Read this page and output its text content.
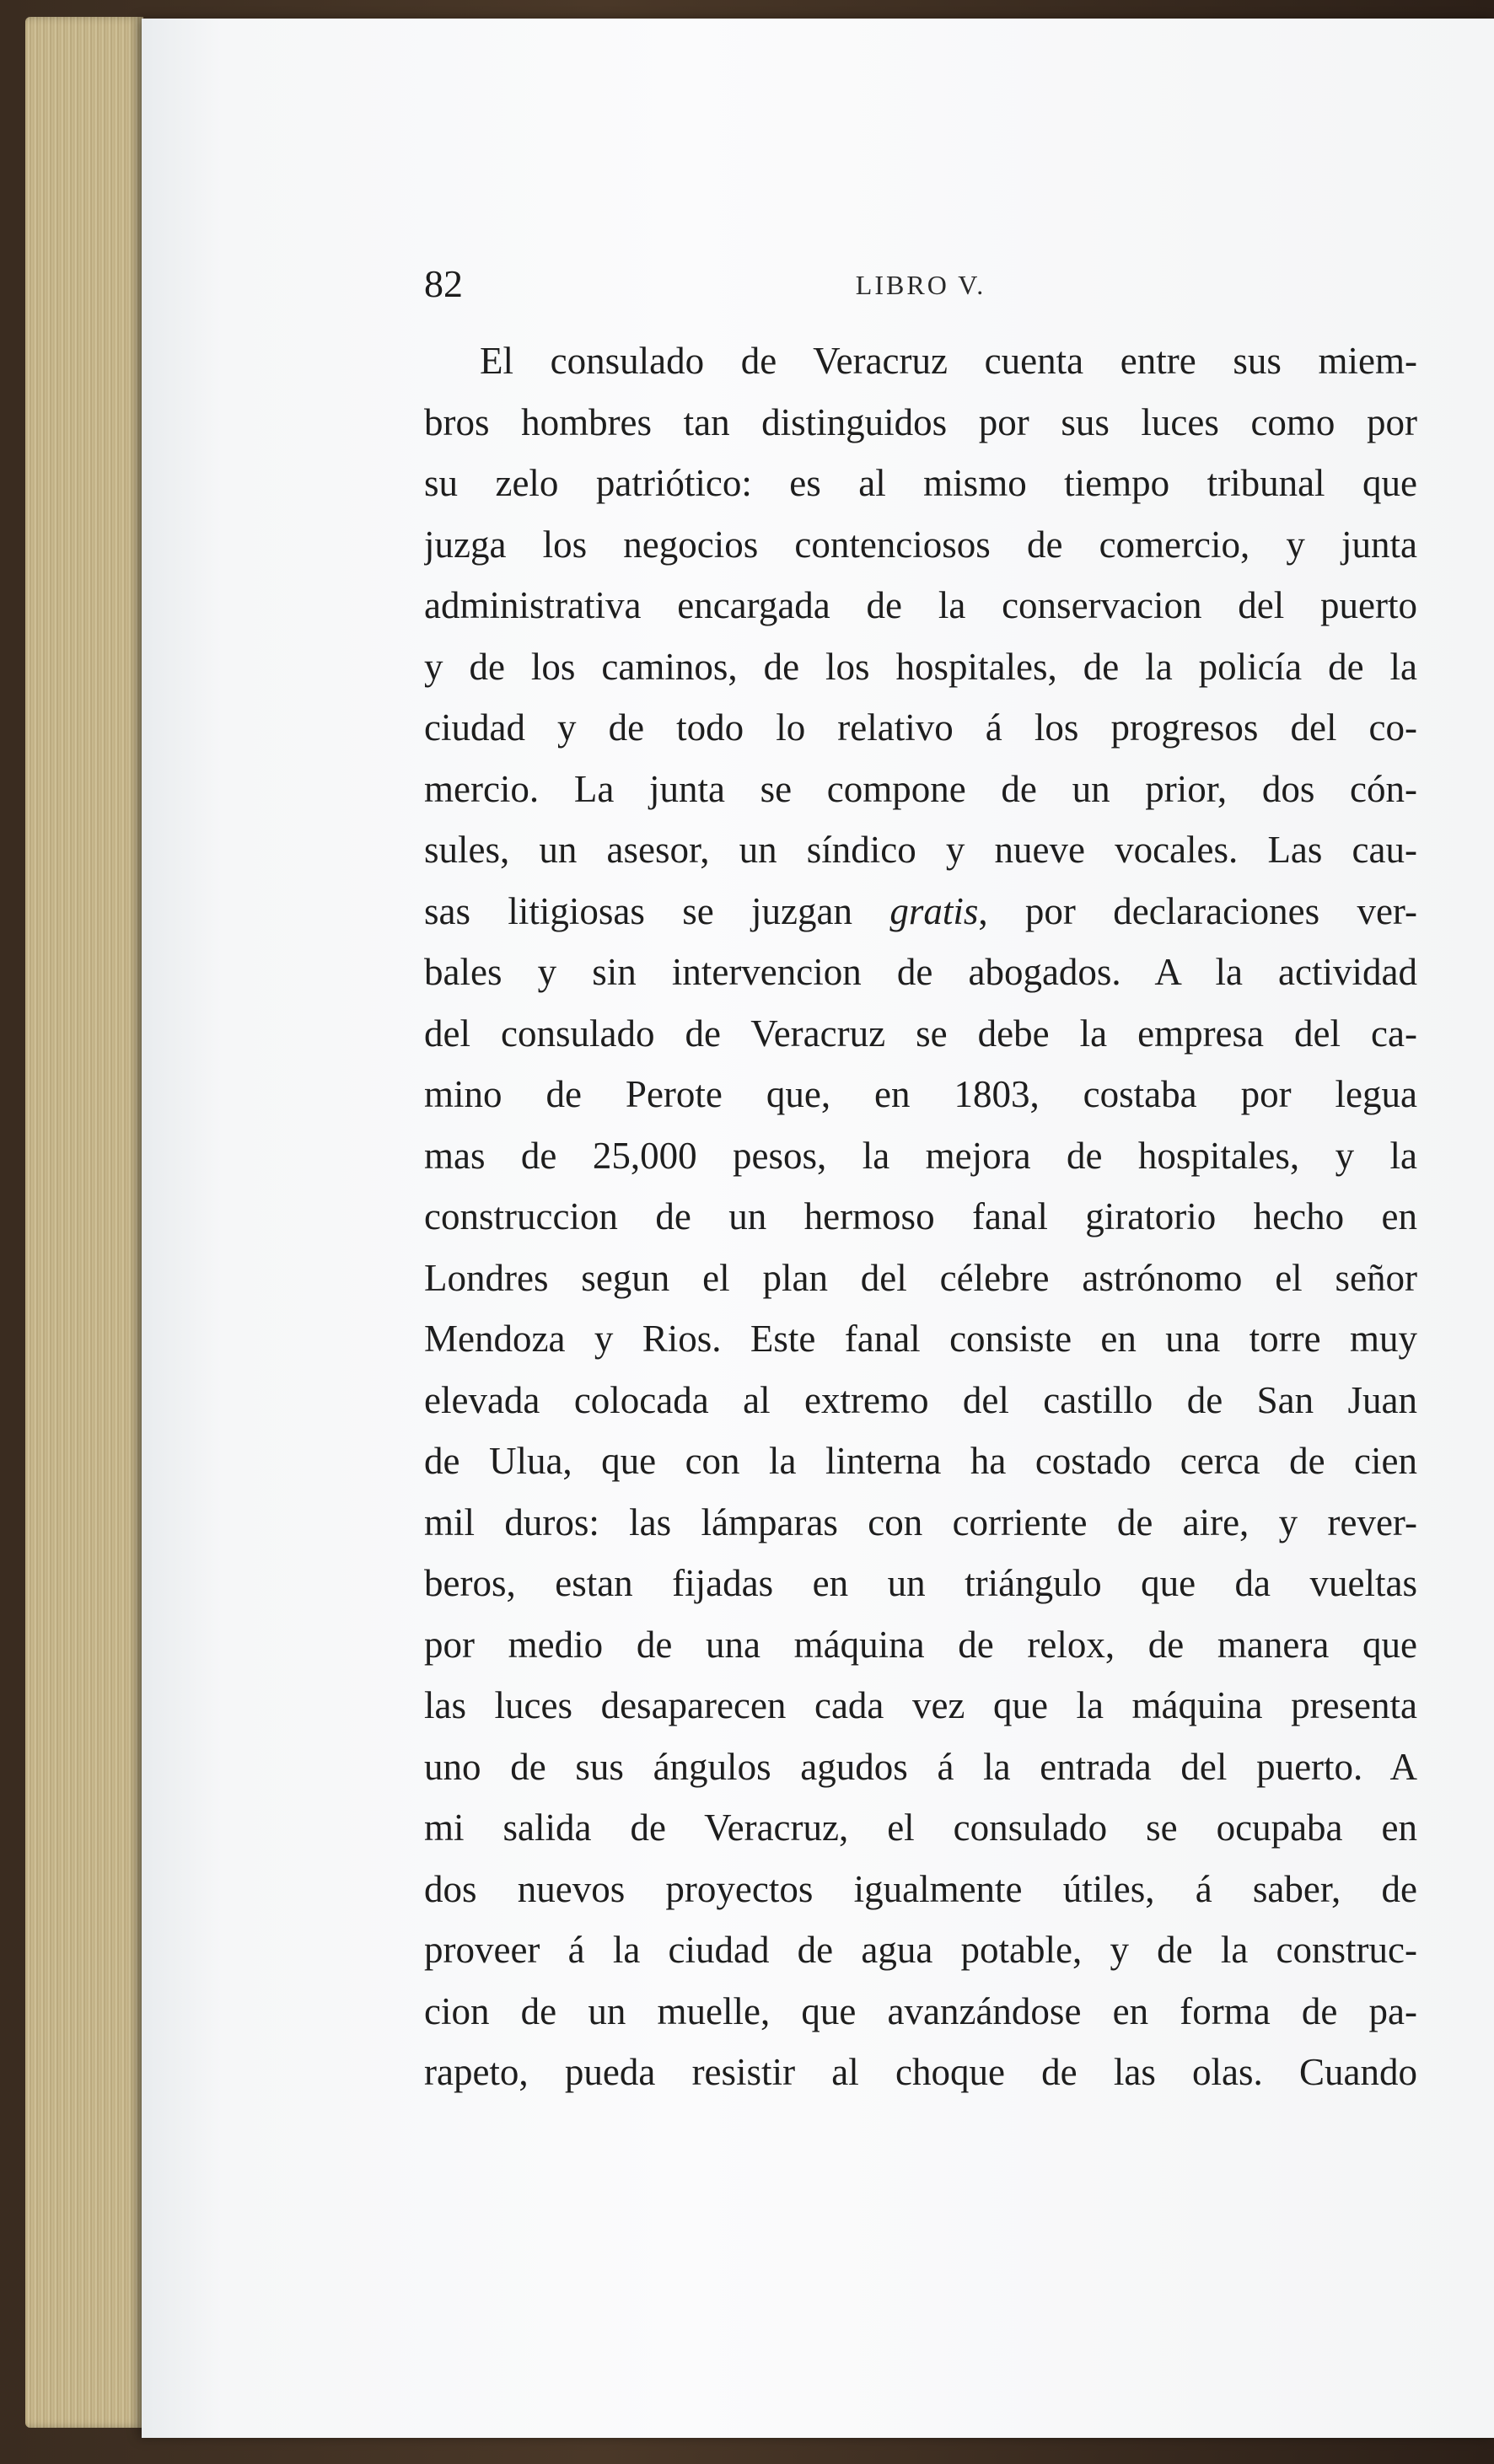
82	LIBRO V.
El consulado de Veracruz cuenta entre sus miem-
bros hombres tan distinguidos por sus luces como por
su zelo patriótico: es al mismo tiempo tribunal que
juzga los negocios contenciosos de comercio, y junta
administrativa encargada de la conservacion del puerto
y de los caminos, de los hospitales, de la policía de la
ciudad y de todo lo relativo á los progresos del co-
mercio. La junta se compone de un prior, dos cón-
sules, un asesor, un síndico y nueve vocales. Las cau-
sas litigiosas se juzgan gratis, por declaraciones ver-
bales y sin intervencion de abogados. A la actividad
del consulado de Veracruz se debe la empresa del ca-
mino de Perote que, en 1803, costaba por legua
mas de 25,000 pesos, la mejora de hospitales, y la
construccion de un hermoso fanal giratorio hecho en
Londres segun el plan del célebre astrónomo el señor
Mendoza y Rios. Este fanal consiste en una torre muy
elevada colocada al extremo del castillo de San Juan
de Ulua, que con la linterna ha costado cerca de cien
mil duros: las lámparas con corriente de aire, y rever-
beros, estan fijadas en un triángulo que da vueltas
por medio de una máquina de relox, de manera que
las luces desaparecen cada vez que la máquina presenta
uno de sus ángulos agudos á la entrada del puerto. A
mi salida de Veracruz, el consulado se ocupaba en
dos nuevos proyectos igualmente útiles, á saber, de
proveer á la ciudad de agua potable, y de la construc-
cion de un muelle, que avanzándose en forma de pa-
rapeto, pueda resistir al choque de las olas. Cuando
